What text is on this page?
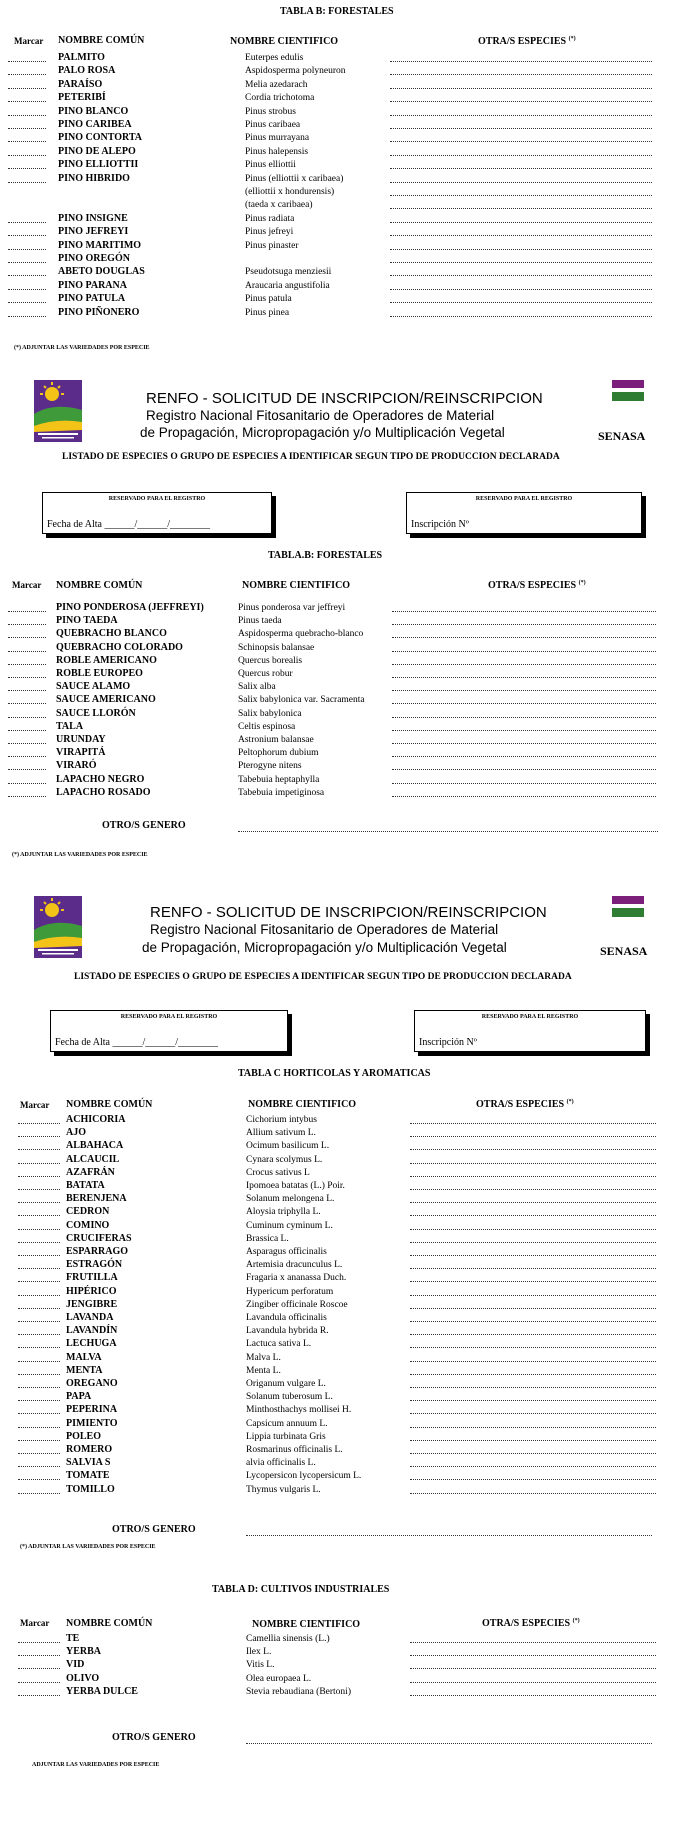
TABLA B: FORESTALES
Marcar NOMBRE COMÚN	NOMBRE CIENTIFICO	OTRA/S ESPECIES (*)
PALMITO	Euterpes edulis
PALO ROSA	Aspidosperma polyneuron
PARAÍSO	Melia azedarach
PETERIBÍ	Cordia trichotoma
PINO BLANCO	Pinus strobus
PINO CARIBEA	Pinus caribaea
PINO CONTORTA	Pinus murrayana
PINO DE ALEPO	Pinus halepensis
PINO ELLIOTTII	Pinus elliottii
PINO HIBRIDO	Pinus (elliottii x caribaea)
(elliottii x hondurensis)
(taeda x caribaea)
PINO INSIGNE	Pinus radiata
PINO JEFREYI	Pinus jefreyi
PINO MARITIMO	Pinus pinaster
PINO OREGÓN
ABETO DOUGLAS	Pseudotsuga menziesii
PINO PARANA	Araucaria angustifolia
PINO PATULA	Pinus patula
PINO PIÑONERO	Pinus pinea
(*) ADJUNTAR LAS VARIEDADES POR ESPECIE
RENFO - SOLICITUD DE INSCRIPCION/REINSCRIPCION
Registro Nacional Fitosanitario de Operadores de Material
de Propagación, Micropropagación y/o Multiplicación Vegetal	SENASA
LISTADO DE ESPECIES O GRUPO DE ESPECIES A IDENTIFICAR SEGUN TIPO DE PRODUCCION DECLARADA
RESERVADO PARA EL REGISTRO
Fecha de Alta ______/______/________
RESERVADO PARA EL REGISTRO
Inscripción Nº
TABLA.B: FORESTALES
Marcar NOMBRE COMÚN	NOMBRE CIENTIFICO	OTRA/S ESPECIES (*)
PINO PONDEROSA (JEFFREYI)	Pinus ponderosa var jeffreyi
PINO TAEDA	Pinus taeda
QUEBRACHO BLANCO	Aspidosperma quebracho-blanco
QUEBRACHO COLORADO	Schinopsis balansae
ROBLE AMERICANO	Quercus borealis
ROBLE EUROPEO	Quercus robur
SAUCE ALAMO	Salix alba
SAUCE AMERICANO	Salix babylonica var. Sacramenta
SAUCE LLORÓN	Salix babylonica
TALA	Celtis espinosa
URUNDAY	Astronium balansae
VIRAPITÁ	Peltophorum dubium
VIRARÓ	Pterogyne nitens
LAPACHO NEGRO	Tabebuia heptaphylla
LAPACHO ROSADO	Tabebuia impetiginosa
OTRO/S GENERO
(*) ADJUNTAR LAS VARIEDADES POR ESPECIE
RENFO - SOLICITUD DE INSCRIPCION/REINSCRIPCION
Registro Nacional Fitosanitario de Operadores de Material
de Propagación, Micropropagación y/o Multiplicación Vegetal	SENASA
LISTADO DE ESPECIES O GRUPO DE ESPECIES A IDENTIFICAR SEGUN TIPO DE PRODUCCION DECLARADA
RESERVADO PARA EL REGISTRO
Fecha de Alta ______/______/________
RESERVADO PARA EL REGISTRO
Inscripción Nº
TABLA C HORTICOLAS Y AROMATICAS
Marcar NOMBRE COMÚN	NOMBRE CIENTIFICO	OTRA/S ESPECIES (*)
ACHICORIA	Cichorium intybus
AJO	Allium sativum L.
ALBAHACA	Ocimum basilicum L.
ALCAUCIL	Cynara scolymus L.
AZAFRÁN	Crocus sativus L
BATATA	Ipomoea batatas (L.) Poir.
BERENJENA	Solanum melongena L.
CEDRON	Aloysia triphylla L.
COMINO	Cuminum cyminum L.
CRUCIFERAS	Brassica L.
ESPARRAGO	Asparagus officinalis
ESTRAGÓN	Artemisia dracunculus L.
FRUTILLA	Fragaria x ananassa Duch.
HIPÉRICO	Hypericum perforatum
JENGIBRE	Zingiber officinale Roscoe
LAVANDA	Lavandula officinalis
LAVANDÍN	Lavandula hybrida R.
LECHUGA	Lactuca sativa L.
MALVA	Malva L.
MENTA	Menta L.
OREGANO	Origanum vulgare L.
PAPA	Solanum tuberosum L.
PEPERINA	Minthosthachys mollisei H.
PIMIENTO	Capsicum annuum L.
POLEO	Lippia turbinata Gris
ROMERO	Rosmarinus officinalis L.
SALVIA S	alvia officinalis L.
TOMATE	Lycopersicon lycopersicum L.
TOMILLO	Thymus vulgaris L.
OTRO/S GENERO
(*) ADJUNTAR LAS VARIEDADES POR ESPECIE
TABLA D: CULTIVOS INDUSTRIALES
Marcar NOMBRE COMÚN	NOMBRE CIENTIFICO	OTRA/S ESPECIES (*)
TE	Camellia sinensis (L.)
YERBA	Ilex L.
VID	Vitis L.
OLIVO	Olea europaea L.
YERBA DULCE	Stevia rebaudiana (Bertoni)
OTRO/S GENERO
ADJUNTAR LAS VARIEDADES POR ESPECIE
